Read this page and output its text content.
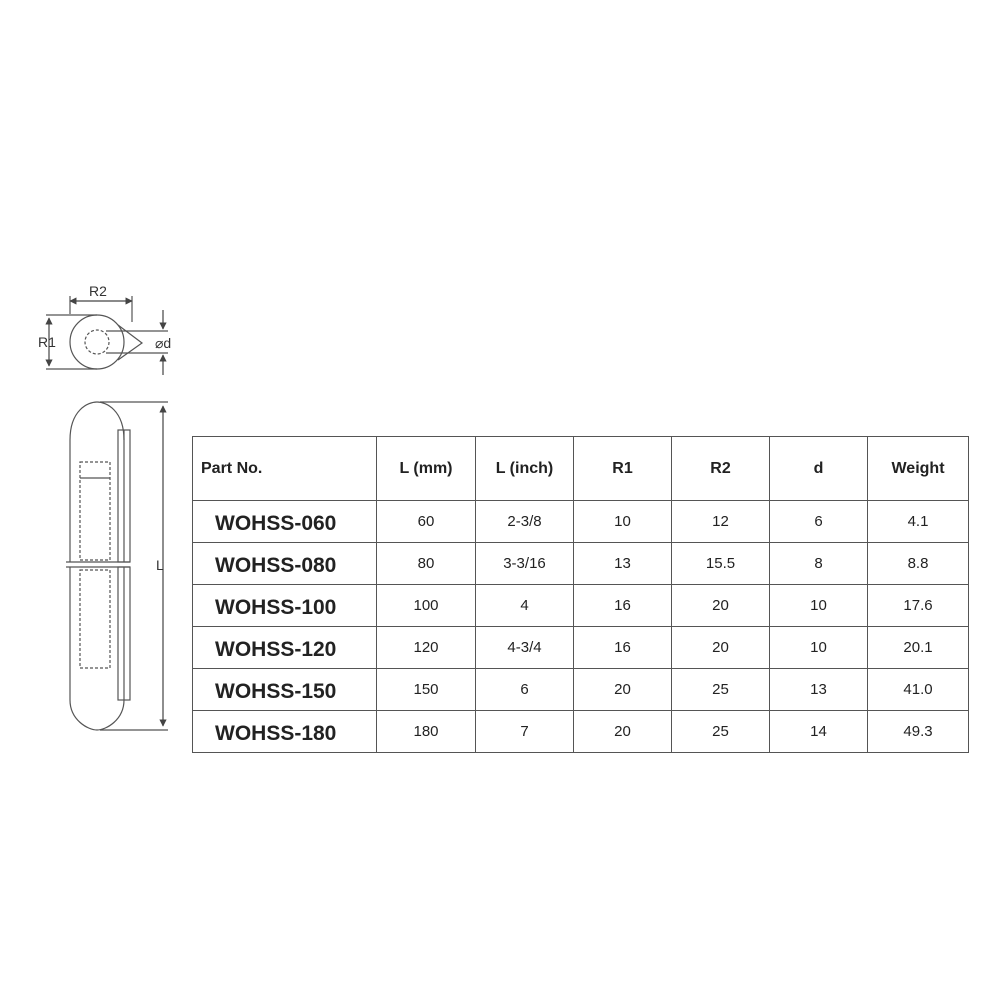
R2
R1	⌀d
L
Part No.	L (mm)	L (inch)	R1	R2	d	Weight
WOHSS-060	60	2-3/8	10	12	6	4.1
WOHSS-080	80	3-3/16	13	15.5	8	8.8
WOHSS-100	100	4	16	20	10	17.6
WOHSS-120	120	4-3/4	16	20	10	20.1
WOHSS-150	150	6	20	25	13	41.0
WOHSS-180	180	7	20	25	14	49.3
